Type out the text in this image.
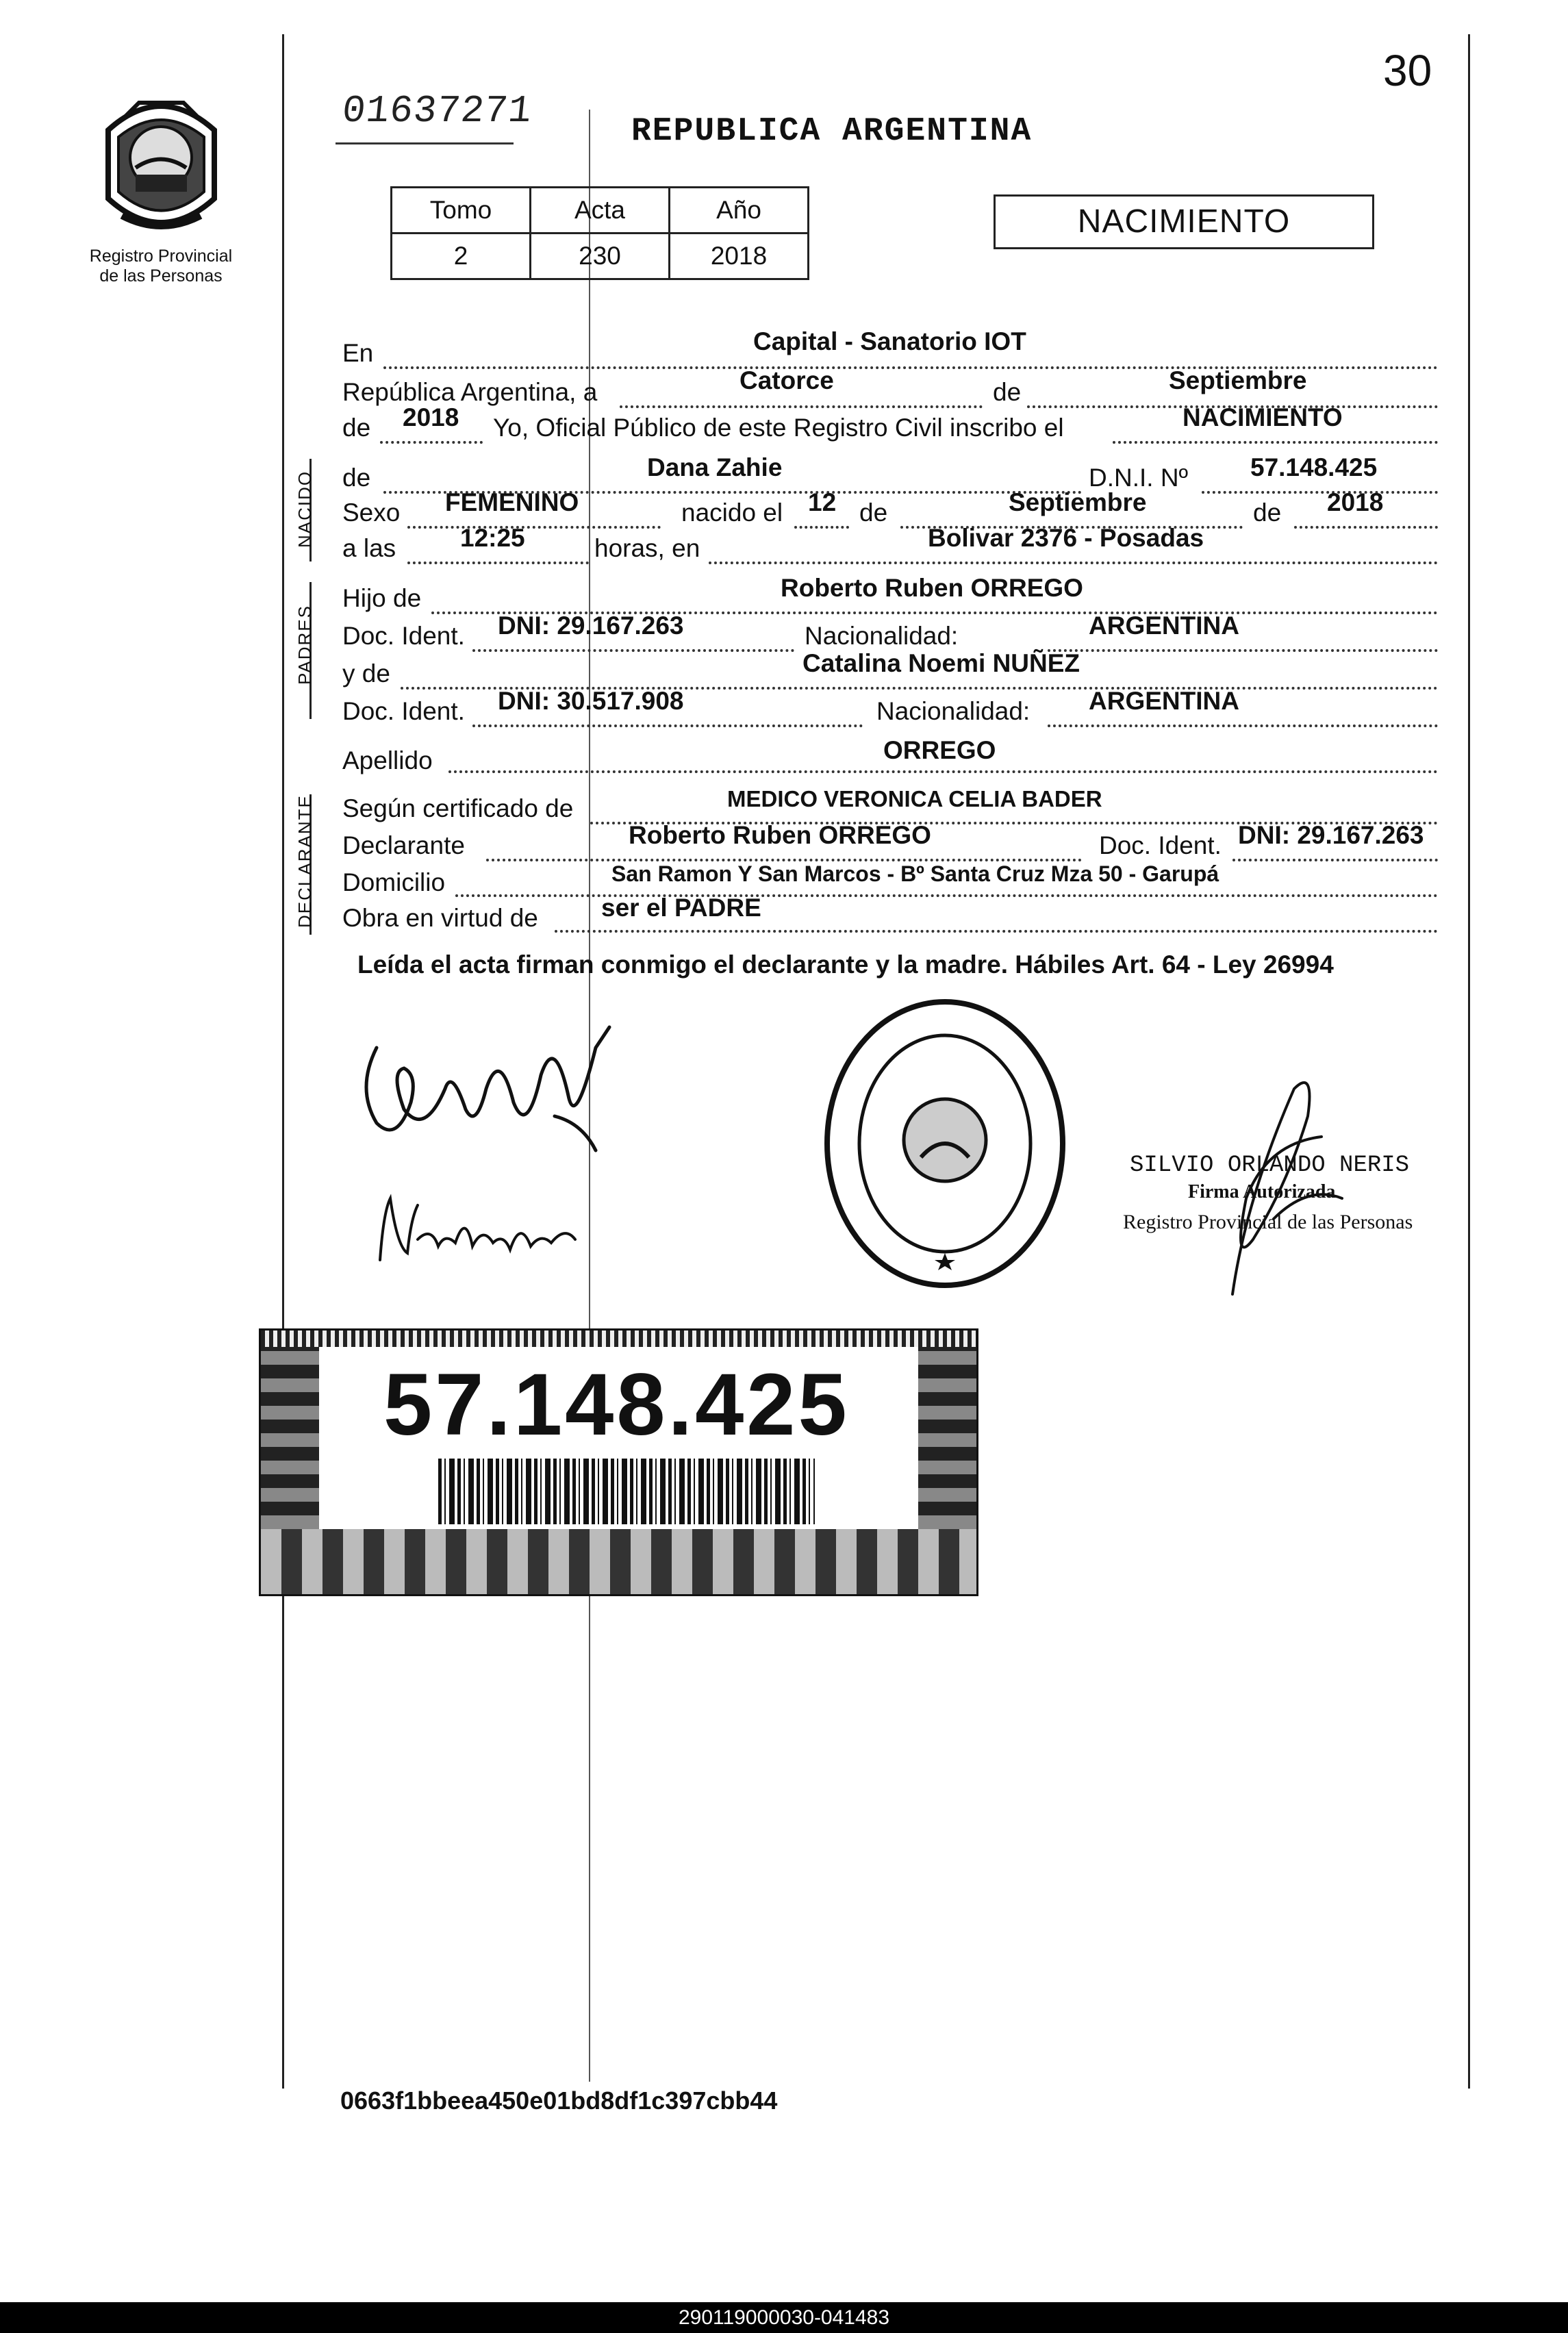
30
01637271	REPUBLICA ARGENTINA
Registro Provincial
de las Personas
Tomo	Acta	Año
2	230	2018
NACIMIENTO
En	Capital - Sanatorio IOT
República Argentina, a	Catorce	de	Septiembre
de 2018 Yo, Oficial Público de este Registro Civil inscribo el	NACIMIENTO
NACIDO de	Dana Zahie	D.N.I. Nº 57.148.425
Sexo FEMENINO	nacido el 12 de	Septiembre	de 2018
a las	12:25	horas, en	Bolivar 2376 - Posadas
PADRES
Hijo de	Roberto Ruben ORREGO
Doc. Ident. DNI: 29.167.263	Nacionalidad:	ARGENTINA
y de	Catalina Noemi NUÑEZ
Doc. Ident. DNI: 30.517.908	Nacionalidad: ARGENTINA
Apellido	ORREGO
DECLARANTE Según certificado de	MEDICO VERONICA CELIA BADER
Declarante	Roberto Ruben ORREGO	Doc. Ident. DNI: 29.167.263
Domicilio	San Ramon Y San Marcos - Bº Santa Cruz Mza 50 - Garupá
Obra en virtud de ser el PADRE
Leída el acta firman conmigo el declarante y la madre. Hábiles Art. 64 - Ley 26994
SILVIO ORLANDO NERIS
Firma Autorizada
Registro Provincial de las Personas
57.148.425
0663f1bbeea450e01bd8df1c397cbb44
290119000030-041483
